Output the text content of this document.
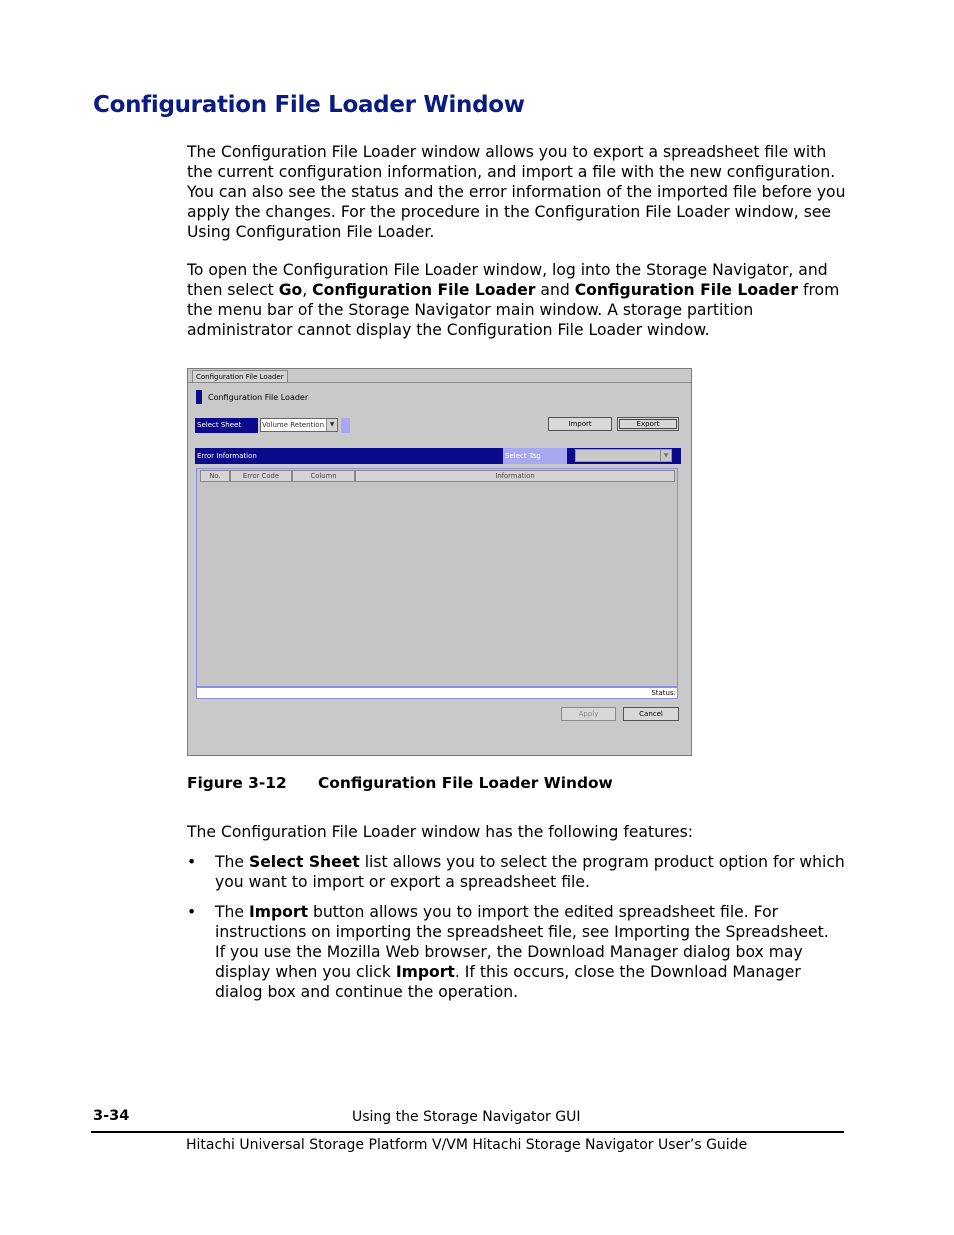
Configuration File Loader Window

The Configuration File Loader window allows you to export a spreadsheet file with the current configuration information, and import a file with the new configuration. You can also see the status and the error information of the imported file before you apply the changes. For the procedure in the Configuration File Loader window, see Using Configuration File Loader.

To open the Configuration File Loader window, log into the Storage Navigator, and then select Go, Configuration File Loader and Configuration File Loader from the menu bar of the Storage Navigator main window. A storage partition administrator cannot display the Configuration File Loader window.

Configuration File Loader
Configuration File Loader
Select Sheet	Volume Retention ▼	Import	Export
Error Information	Select Tag	▼
No.	Error Code	Column	Information
Status:
Apply	Cancel

Figure 3-12 Configuration File Loader Window

The Configuration File Loader window has the following features:

• The Select Sheet list allows you to select the program product option for which you want to import or export a spreadsheet file.
• The Import button allows you to import the edited spreadsheet file. For instructions on importing the spreadsheet file, see Importing the Spreadsheet.
If you use the Mozilla Web browser, the Download Manager dialog box may display when you click Import. If this occurs, close the Download Manager dialog box and continue the operation.
3-34	Using the Storage Navigator GUI
Hitachi Universal Storage Platform V/VM Hitachi Storage Navigator User’s Guide
